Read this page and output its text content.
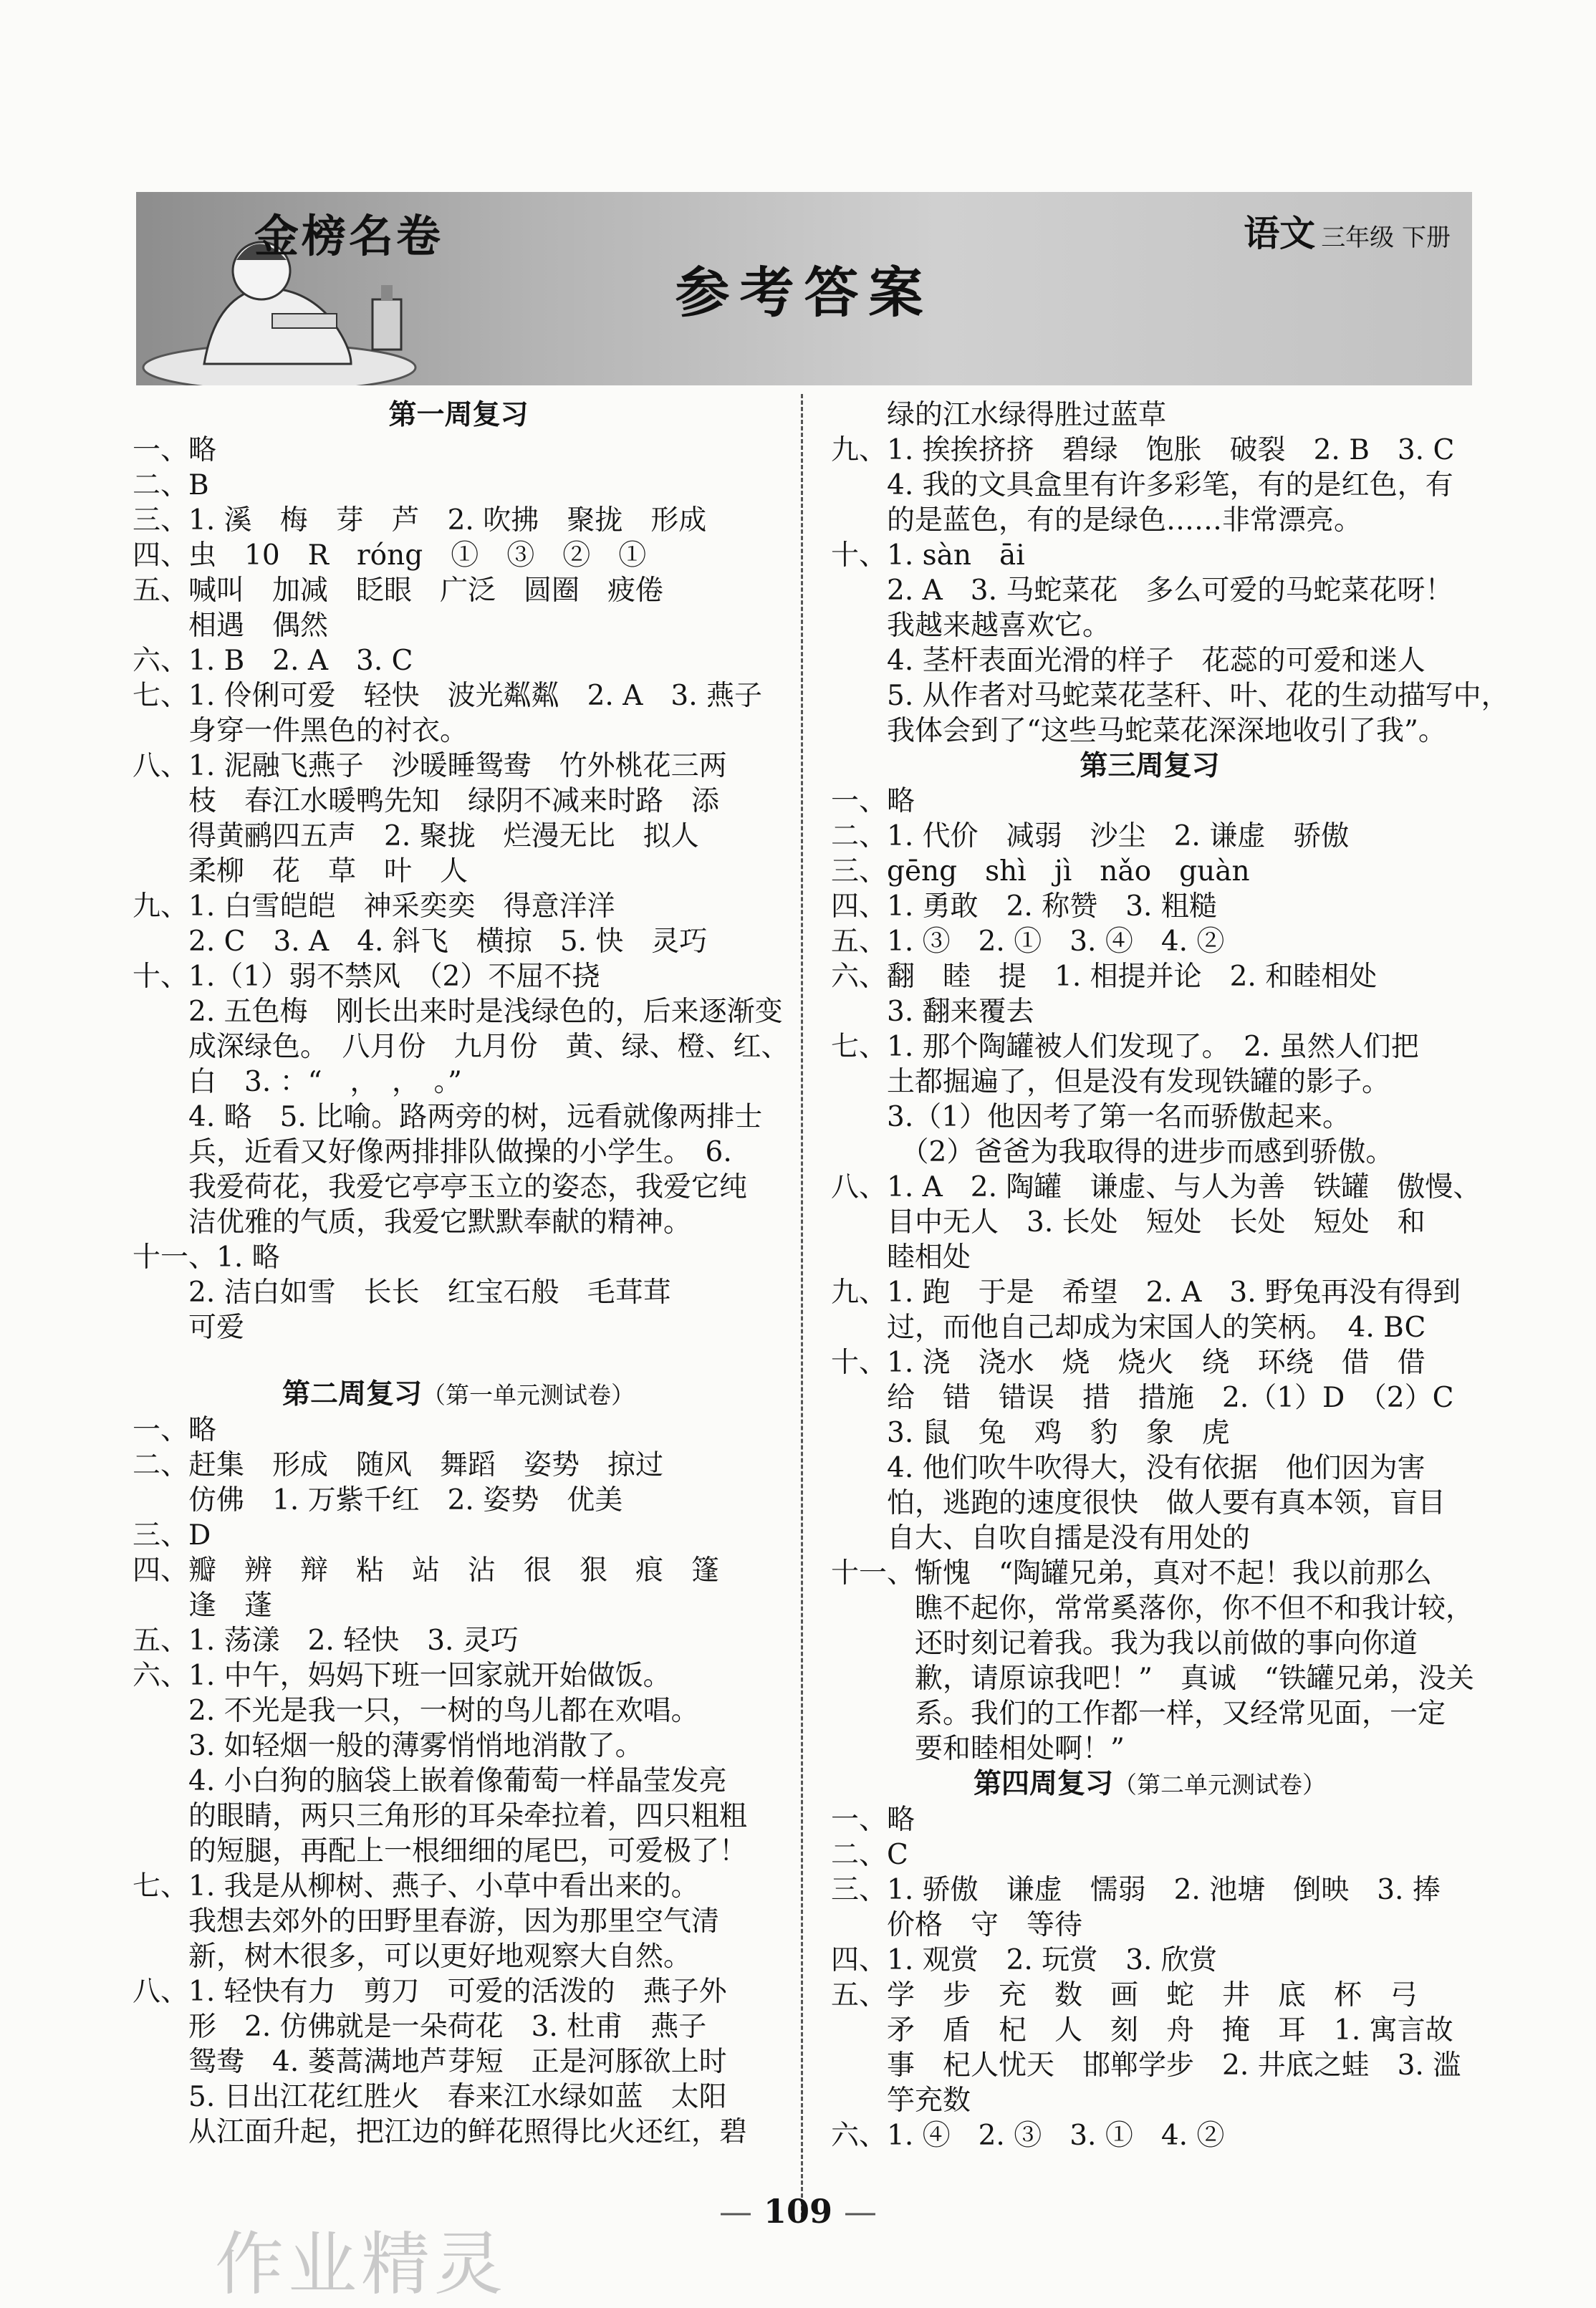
金榜名卷	语文 三年级 下册
参考答案
第一周复习
一、略
二、B
三、1. 溪　梅　芽　芦　2. 吹拂　聚拢　形成
四、虫　10　R　róng　①　③　②　①
五、喊叫　加减　眨眼　广泛　圆圈　疲倦
　　相遇　偶然
六、1. B　2. A　3. C
七、1. 伶俐可爱　轻快　波光粼粼　2. A　3. 燕子
　　身穿一件黑色的衬衣。
八、1. 泥融飞燕子　沙暖睡鸳鸯　竹外桃花三两
　　枝　春江水暖鸭先知　绿阴不减来时路　添
　　得黄鹂四五声　2. 聚拢　烂漫无比　拟人
　　柔柳　花　草　叶　人
九、1. 白雪皑皑　神采奕奕　得意洋洋
　　2. C　3. A　4. 斜飞　横掠　5. 快　灵巧
十、1.（1）弱不禁风　（2）不屈不挠
　　2. 五色梅　刚长出来时是浅绿色的，后来逐渐变
　　成深绿色。　八月份　九月份　黄、绿、橙、红、
　　白　3. ：“　，　，　。”
　　4. 略　5. 比喻。路两旁的树，远看就像两排士
　　兵，近看又好像两排排队做操的小学生。　6.
　　我爱荷花，我爱它亭亭玉立的姿态，我爱它纯
　　洁优雅的气质，我爱它默默奉献的精神。
十一、1. 略
　　2. 洁白如雪　长长　红宝石般　毛茸茸
　　可爱
第二周复习（第一单元测试卷）
一、略
二、赶集　形成　随风　舞蹈　姿势　掠过
　　仿佛　1. 万紫千红　2. 姿势　优美
三、D
四、瓣　辨　辩　粘　站　沾　很　狠　痕　篷
　　逢　蓬
五、1. 荡漾　2. 轻快　3. 灵巧
六、1. 中午，妈妈下班一回家就开始做饭。
　　2. 不光是我一只，一树的鸟儿都在欢唱。
　　3. 如轻烟一般的薄雾悄悄地消散了。
　　4. 小白狗的脑袋上嵌着像葡萄一样晶莹发亮
　　的眼睛，两只三角形的耳朵牵拉着，四只粗粗
　　的短腿，再配上一根细细的尾巴，可爱极了！
七、1. 我是从柳树、燕子、小草中看出来的。
　　我想去郊外的田野里春游，因为那里空气清
　　新，树木很多，可以更好地观察大自然。
八、1. 轻快有力　剪刀　可爱的活泼的　燕子外
　　形　2. 仿佛就是一朵荷花　3. 杜甫　燕子
　　鸳鸯　4. 蒌蒿满地芦芽短　正是河豚欲上时
　　5. 日出江花红胜火　春来江水绿如蓝　太阳
　　从江面升起，把江边的鲜花照得比火还红，碧
　　绿的江水绿得胜过蓝草
九、1. 挨挨挤挤　碧绿　饱胀　破裂　2. B　3. C
　　4. 我的文具盒里有许多彩笔，有的是红色，有
　　的是蓝色，有的是绿色……非常漂亮。
十、1. sàn　āi
　　2. A　3. 马蛇菜花　多么可爱的马蛇菜花呀！
　　我越来越喜欢它。
　　4. 茎杆表面光滑的样子　花蕊的可爱和迷人
　　5. 从作者对马蛇菜花茎秆、叶、花的生动描写中，
　　我体会到了“这些马蛇菜花深深地收引了我”。
第三周复习
一、略
二、1. 代价　减弱　沙尘　2. 谦虚　骄傲
三、gēng　shì　jì　nǎo　guàn
四、1. 勇敢　2. 称赞　3. 粗糙
五、1. ③　2. ①　3. ④　4. ②
六、翻　睦　提　1. 相提并论　2. 和睦相处
　　3. 翻来覆去
七、1. 那个陶罐被人们发现了。　2. 虽然人们把
　　土都掘遍了，但是没有发现铁罐的影子。
　　3.（1）他因考了第一名而骄傲起来。
　　　（2）爸爸为我取得的进步而感到骄傲。
八、1. A　2. 陶罐　谦虚、与人为善　铁罐　傲慢、
　　目中无人　3. 长处　短处　长处　短处　和
　　睦相处
九、1. 跑　于是　希望　2. A　3. 野兔再没有得到
　　过，而他自己却成为宋国人的笑柄。　4. BC
十、1. 浇　浇水　烧　烧火　绕　环绕　借　借
　　给　错　错误　措　措施　2.（1）D　（2）C
　　3. 鼠　兔　鸡　豹　象　虎
　　4. 他们吹牛吹得大，没有依据　他们因为害
　　怕，逃跑的速度很快　做人要有真本领，盲目
　　自大、自吹自擂是没有用处的
十一、惭愧　“陶罐兄弟，真对不起！我以前那么
　　　瞧不起你，常常奚落你，你不但不和我计较，
　　　还时刻记着我。我为我以前做的事向你道
　　　歉，请原谅我吧！”　真诚　“铁罐兄弟，没关
　　　系。我们的工作都一样，又经常见面，一定
　　　要和睦相处啊！”
第四周复习（第二单元测试卷）
一、略
二、C
三、1. 骄傲　谦虚　懦弱　2. 池塘　倒映　3. 捧
　　价格　守　等待
四、1. 观赏　2. 玩赏　3. 欣赏
五、学　步　充　数　画　蛇　井　底　杯　弓
　　矛　盾　杞　人　刻　舟　掩　耳　1. 寓言故
　　事　杞人忧天　邯郸学步　2. 井底之蛙　3. 滥
　　竽充数
六、1. ④　2. ③　3. ①　4. ②
— 109 —
作业精灵
